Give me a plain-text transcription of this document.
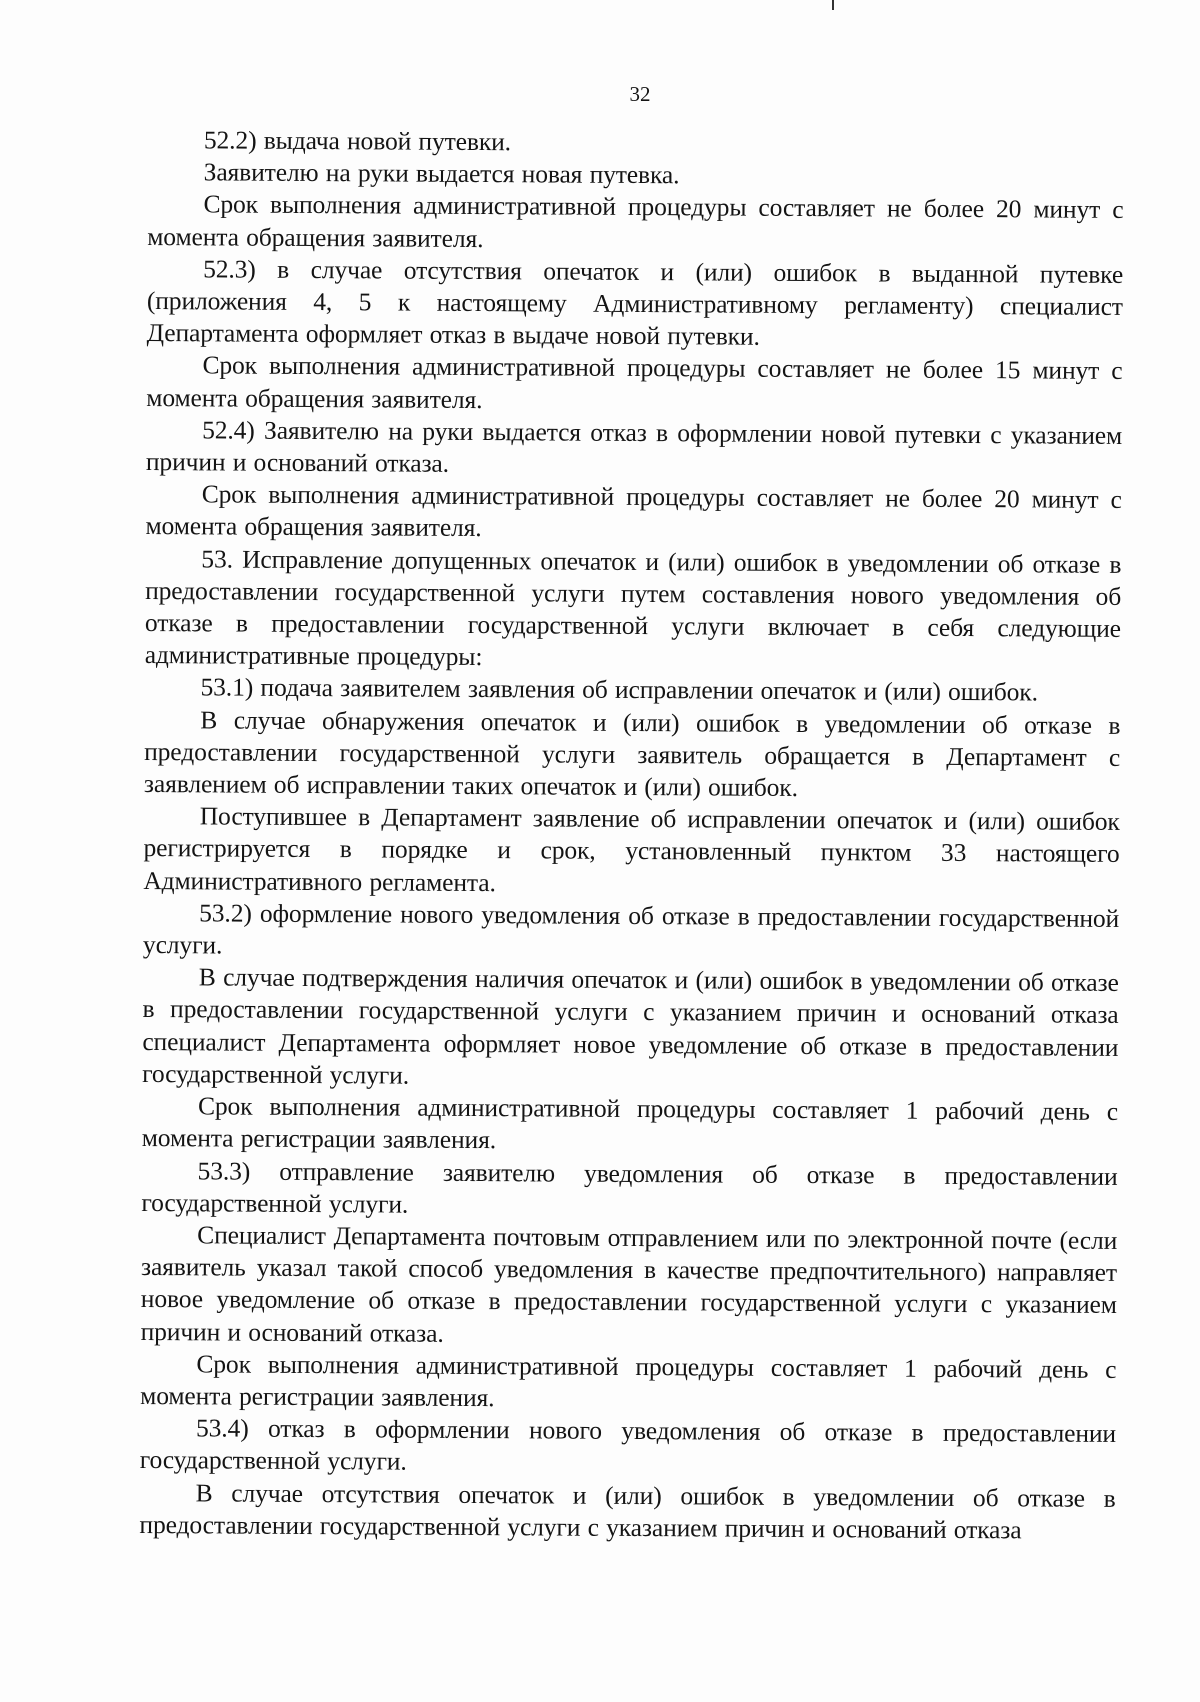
32

52.2) выдача новой путевки.

Заявителю на руки выдается новая путевка.

Срок выполнения административной процедуры составляет не более 20 минут с момента обращения заявителя.

52.3) в случае отсутствия опечаток и (или) ошибок в выданной путевке (приложения 4, 5 к настоящему Административному регламенту) специалист Департамента оформляет отказ в выдаче новой путевки.

Срок выполнения административной процедуры составляет не более 15 минут с момента обращения заявителя.

52.4) Заявителю на руки выдается отказ в оформлении новой путевки с указанием причин и оснований отказа.

Срок выполнения административной процедуры составляет не более 20 минут с момента обращения заявителя.

53. Исправление допущенных опечаток и (или) ошибок в уведомлении об отказе в предоставлении государственной услуги путем составления нового уведомления об отказе в предоставлении государственной услуги включает в себя следующие административные процедуры:

53.1) подача заявителем заявления об исправлении опечаток и (или) ошибок.

В случае обнаружения опечаток и (или) ошибок в уведомлении об отказе в предоставлении государственной услуги заявитель обращается в Департамент с заявлением об исправлении таких опечаток и (или) ошибок.

Поступившее в Департамент заявление об исправлении опечаток и (или) ошибок регистрируется в порядке и срок, установленный пунктом 33 настоящего Административного регламента.

53.2) оформление нового уведомления об отказе в предоставлении государственной услуги.

В случае подтверждения наличия опечаток и (или) ошибок в уведомлении об отказе в предоставлении государственной услуги с указанием причин и оснований отказа специалист Департамента оформляет новое уведомление об отказе в предоставлении государственной услуги.

Срок выполнения административной процедуры составляет 1 рабочий день с момента регистрации заявления.

53.3) отправление заявителю уведомления об отказе в предоставлении государственной услуги.

Специалист Департамента почтовым отправлением или по электронной почте (если заявитель указал такой способ уведомления в качестве предпочтительного) направляет новое уведомление об отказе в предоставлении государственной услуги с указанием причин и оснований отказа.

Срок выполнения административной процедуры составляет 1 рабочий день с момента регистрации заявления.

53.4) отказ в оформлении нового уведомления об отказе в предоставлении государственной услуги.

В случае отсутствия опечаток и (или) ошибок в уведомлении об отказе в предоставлении государственной услуги с указанием причин и оснований отказа
